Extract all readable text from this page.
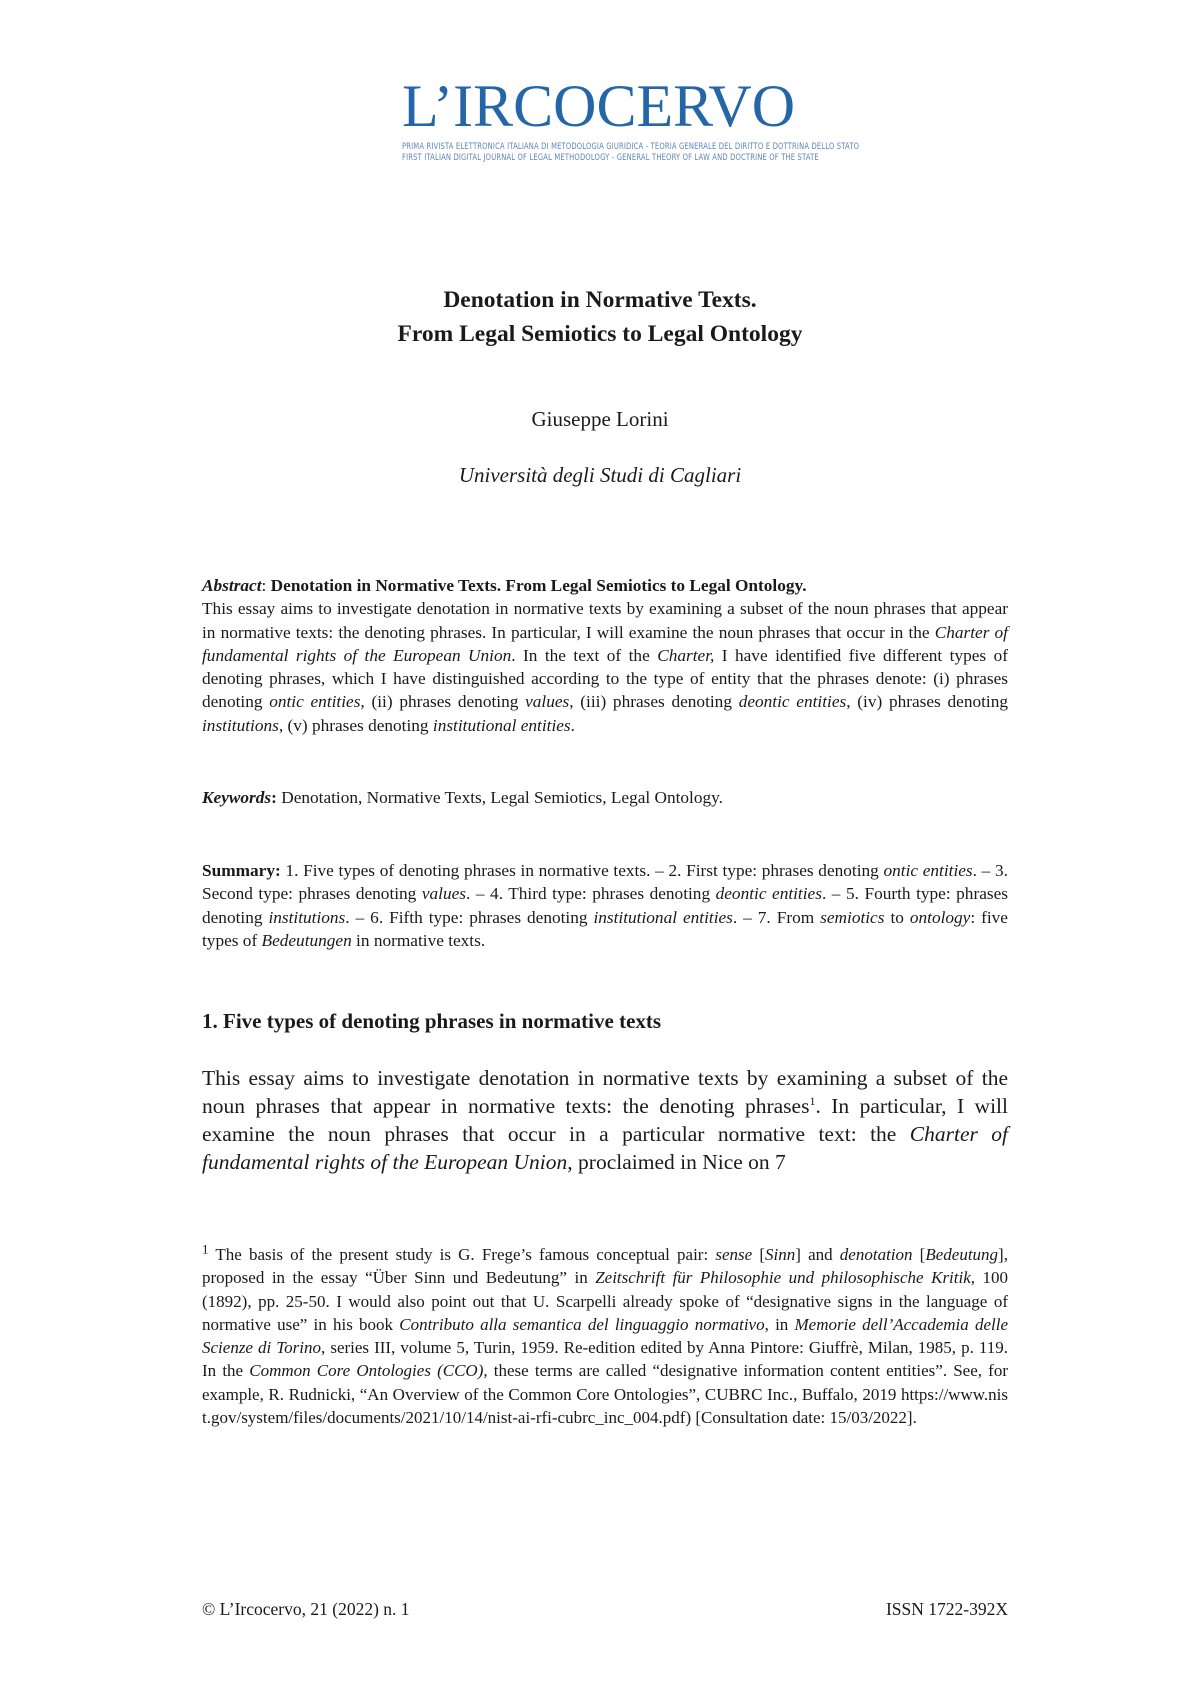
L’IRCOCERVO
PRIMA RIVISTA ELETTRONICA ITALIANA DI METODOLOGIA GIURIDICA - TEORIA GENERALE DEL DIRITTO E DOTTRINA DELLO STATO
FIRST ITALIAN DIGITAL JOURNAL OF LEGAL METHODOLOGY - GENERAL THEORY OF LAW AND DOCTRINE OF THE STATE
Denotation in Normative Texts.
From Legal Semiotics to Legal Ontology
Giuseppe Lorini
Università degli Studi di Cagliari
Abstract: Denotation in Normative Texts. From Legal Semiotics to Legal Ontology.
This essay aims to investigate denotation in normative texts by examining a subset of the noun phrases that appear in normative texts: the denoting phrases. In particular, I will examine the noun phrases that occur in the Charter of fundamental rights of the European Union. In the text of the Charter, I have identified five different types of denoting phrases, which I have distinguished according to the type of entity that the phrases denote: (i) phrases denoting ontic entities, (ii) phrases denoting values, (iii) phrases denoting deontic entities, (iv) phrases denoting institutions, (v) phrases denoting institutional entities.
Keywords: Denotation, Normative Texts, Legal Semiotics, Legal Ontology.
Summary: 1. Five types of denoting phrases in normative texts. – 2. First type: phrases denoting ontic entities. – 3. Second type: phrases denoting values. – 4. Third type: phrases denoting deontic entities. – 5. Fourth type: phrases denoting institutions. – 6. Fifth type: phrases denoting institutional entities. – 7. From semiotics to ontology: five types of Bedeutungen in normative texts.
1. Five types of denoting phrases in normative texts
This essay aims to investigate denotation in normative texts by examining a subset of the noun phrases that appear in normative texts: the denoting phrases$^1$. In particular, I will examine the noun phrases that occur in a particular normative text: the Charter of fundamental rights of the European Union, proclaimed in Nice on 7
$^1$ The basis of the present study is G. Frege’s famous conceptual pair: sense [Sinn] and denotation [Bedeutung], proposed in the essay “Über Sinn und Bedeutung” in Zeitschrift für Philosophie und philosophische Kritik, 100 (1892), pp. 25-50. I would also point out that U. Scarpelli already spoke of “designative signs in the language of normative use” in his book Contributo alla semantica del linguaggio normativo, in Memorie dell’Accademia delle Scienze di Torino, series III, volume 5, Turin, 1959. Re-edition edited by Anna Pintore: Giuffrè, Milan, 1985, p. 119. In the Common Core Ontologies (CCO), these terms are called “designative information content entities”. See, for example, R. Rudnicki, “An Overview of the Common Core Ontologies”, CUBRC Inc., Buffalo, 2019 https://www.nist.gov/system/files/documents/2021/10/14/nist-ai-rfi-cubrc_inc_004.pdf) [Consultation date: 15/03/2022].
© L’Ircocervo, 21 (2022) n. 1	ISSN 1722-392X
